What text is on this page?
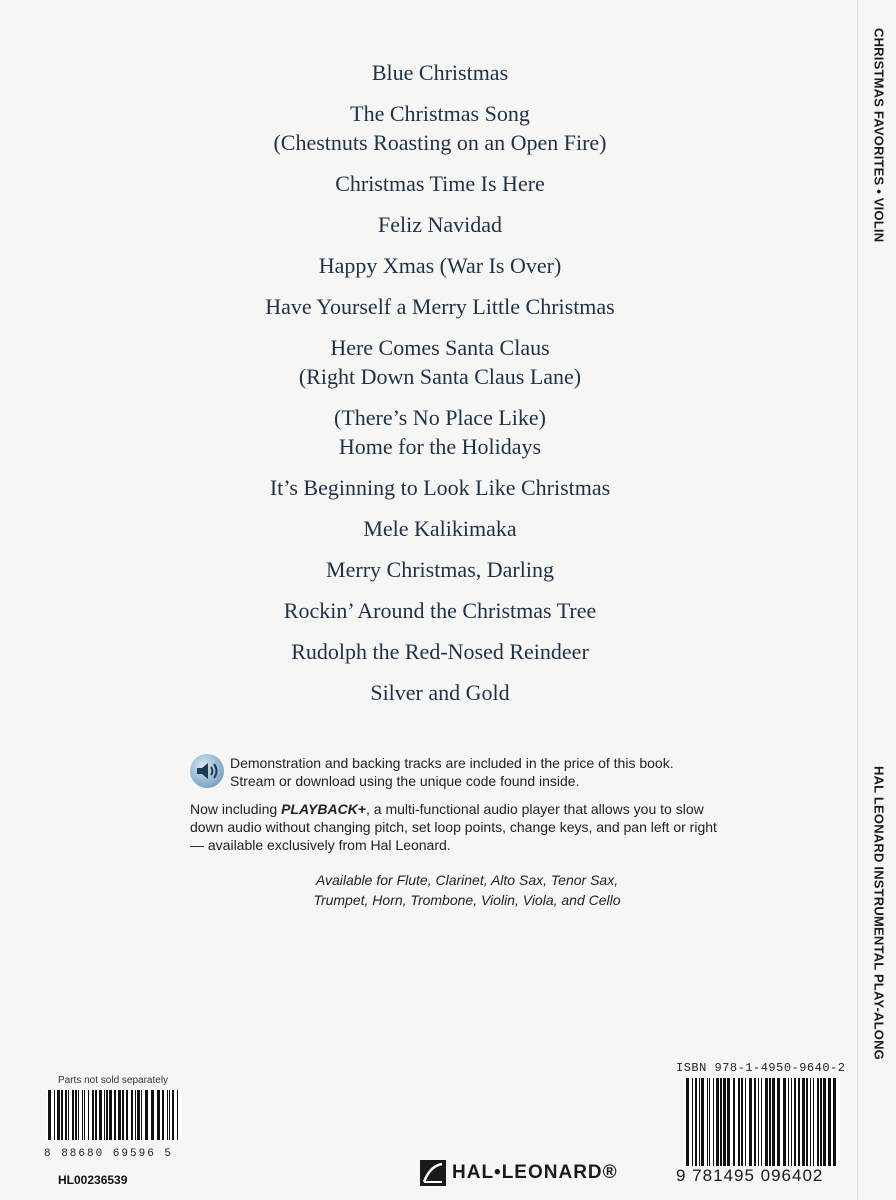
Blue Christmas
The Christmas Song
(Chestnuts Roasting on an Open Fire)
Christmas Time Is Here
Feliz Navidad
Happy Xmas (War Is Over)
Have Yourself a Merry Little Christmas
Here Comes Santa Claus
(Right Down Santa Claus Lane)
(There’s No Place Like)
Home for the Holidays
It’s Beginning to Look Like Christmas
Mele Kalikimaka
Merry Christmas, Darling
Rockin’ Around the Christmas Tree
Rudolph the Red-Nosed Reindeer
Silver and Gold
CHRISTMAS FAVORITES • VIOLIN
HAL LEONARD INSTRUMENTAL PLAY-ALONG

Demonstration and backing tracks are included in the price of this book.

Stream or download using the unique code found inside.

Now including PLAYBACK+, a multi-functional audio player that allows you to slow down audio without changing pitch, set loop points, change keys, and pan left or right — available exclusively from Hal Leonard.

Available for Flute, Clarinet, Alto Sax, Tenor Sax,
Trumpet, Horn, Trombone, Violin, Viola, and Cello
Parts not sold separately
8 88680 69596 5
HL00236539	HAL•LEONARD®
ISBN 978-1-4950-9640-2
9 781495 096402
